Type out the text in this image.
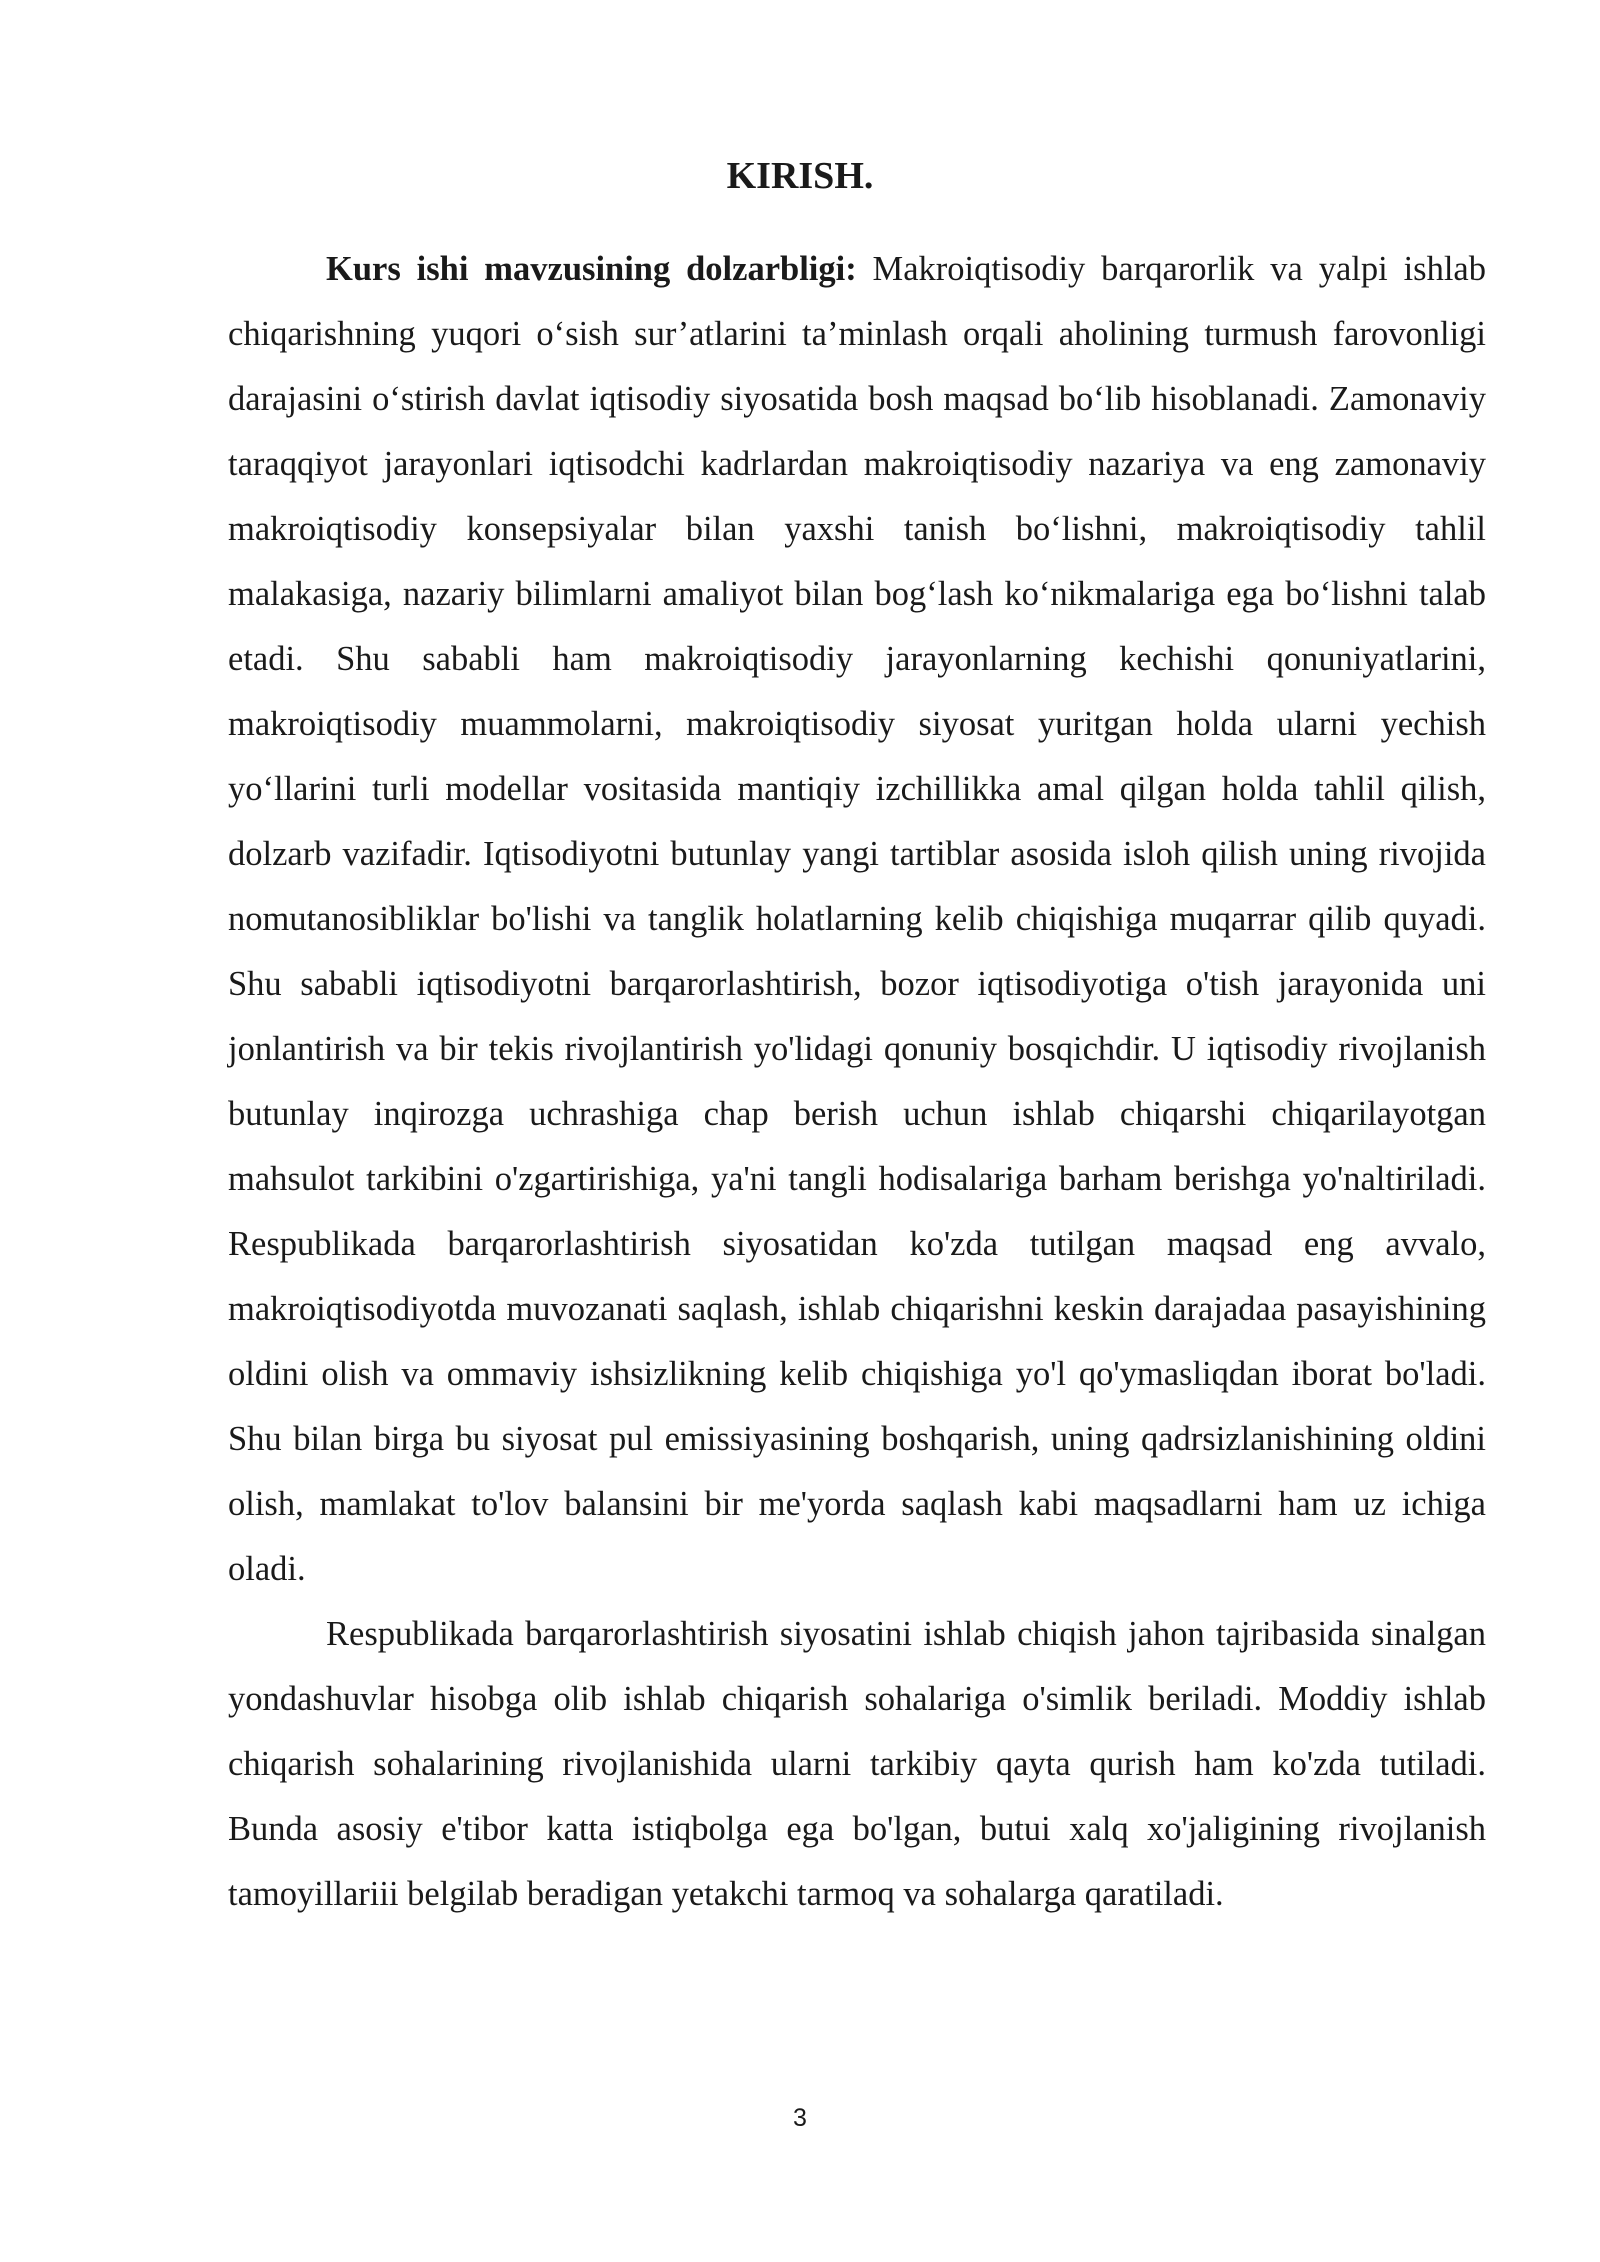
KIRISH.

Kurs ishi mavzusining dolzarbligi: Makroiqtisodiy barqarorlik va yalpi ishlab chiqarishning yuqori o‘sish sur’atlarini ta’minlash orqali aholining turmush farovonligi darajasini o‘stirish davlat iqtisodiy siyosatida bosh maqsad bo‘lib hisoblanadi. Zamonaviy taraqqiyot jarayonlari iqtisodchi kadrlardan makroiqtisodiy nazariya va eng zamonaviy makroiqtisodiy konsepsiyalar bilan yaxshi tanish bo‘lishni, makroiqtisodiy tahlil malakasiga, nazariy bilimlarni amaliyot bilan bog‘lash ko‘nikmalariga ega bo‘lishni talab etadi. Shu sababli ham makroiqtisodiy jarayonlarning kechishi qonuniyatlarini, makroiqtisodiy muammolarni, makroiqtisodiy siyosat yuritgan holda ularni yechish yo‘llarini turli modellar vositasida mantiqiy izchillikka amal qilgan holda tahlil qilish, dolzarb vazifadir. Iqtisodiyotni butunlay yangi tartiblar asosida isloh qilish uning rivojida nomutanosibliklar bo'lishi va tanglik holatlarning kelib chiqishiga muqarrar qilib quyadi. Shu sababli iqtisodiyotni barqarorlashtirish, bozor iqtisodiyotiga o'tish jarayonida uni jonlantirish va bir tekis rivojlantirish yo'lidagi qonuniy bosqichdir. U iqtisodiy rivojlanish butunlay inqirozga uchrashiga chap berish uchun ishlab chiqarshi chiqarilayotgan mahsulot tarkibini o'zgartirishiga, ya'ni tangli hodisalariga barham berishga yo'naltiriladi. Respublikada barqarorlashtirish siyosatidan ko'zda tutilgan maqsad eng avvalo, makroiqtisodiyotda muvozanati saqlash, ishlab chiqarishni keskin darajadaa pasayishining oldini olish va ommaviy ishsizlikning kelib chiqishiga yo'l qo'ymasliqdan iborat bo'ladi. Shu bilan birga bu siyosat pul emissiyasining boshqarish, uning qadrsizlanishining oldini olish, mamlakat to'lov balansini bir me'yorda saqlash kabi maqsadlarni ham uz ichiga oladi.

Respublikada barqarorlashtirish siyosatini ishlab chiqish jahon tajribasida sinalgan yondashuvlar hisobga olib ishlab chiqarish sohalariga o'simlik beriladi. Moddiy ishlab chiqarish sohalarining rivojlanishida ularni tarkibiy qayta qurish ham ko'zda tutiladi. Bunda asosiy e'tibor katta istiqbolga ega bo'lgan, butui xalq xo'jaligining rivojlanish tamoyillariii belgilab beradigan yetakchi tarmoq va sohalarga qaratiladi.

3
